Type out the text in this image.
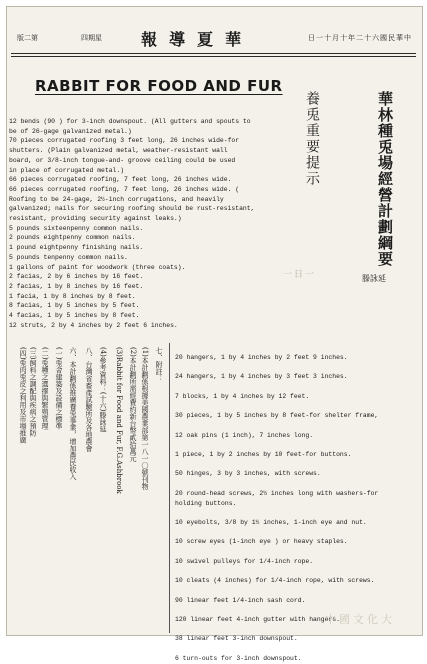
版二第	四期星 報導夏華	日一十月十年二十六國民華中
RABBIT FOR FOOD AND FUR
華林種兎場經營計劃綱要
養兎重要提示
一日一	滕詠延
12 bends (90 ) for 3-inch downspout. (All gutters and spouts to
be of 26-gage galvanized metal.)
70 pieces corrugated roofing 3 feet long, 26 inches wide-for
shutters. (Plain galvanized metal, weather-resistant wall
board, or 3/8-inch tongue-and- groove ceiling could be used
in place of corrugated metal.)
66 pieces corrugated roofing, 7 feet long, 26 inches wide.
66 pieces corrugated roofing, 7 feet long, 26 inches wide. (
Roofing to be 24-gage, 2½-inch corrugations, and heavily
galvanized; nails for securing roofing should be rust-resistant,
resistant, providing security against leaks.)
5 pounds sixteenpenny common nails.
2 pounds eightpenny common nails.
1 pound eightpenny finishing nails.
5 pounds tenpenny common nails.
1 gallons of paint for woodwork (three coats).
2 facias, 2 by 6 inches by 16 feet.
2 facias, 1 by 8 inches by 16 feet.
1 facia, 1 by 8 inches by 8 feet.
8 facias, 1 by 5 inches by 5 feet.
4 facias, 1 by 5 inches by 8 feet.
12 struts, 2 by 4 inches by 2 feet 6 inches.
七、附註：
(1)本計劃係根據美國農業部第一八一〇號刊物
(2)本計劃所需經費約新台幣貳拾萬元
(3)Rabbit for Food and Fur, F.G.Ashbrook
(4)參考資料：(十六)滕詠延
八、台灣省畜產試驗所及各地農會
六、本計劃係推廣養兎事業，增加農民收入
(一)兎舍建築及設備之標準
(二)兎種之選擇與繁殖管理
(三)飼料之調配與疾病之預防
(四)兎肉兎皮之利用及市場推廣	20 hangers, 1 by 4 inches by 2 feet 9 inches.

24 hangers, 1 by 4 inches by 3 feet 3 inches.

7 blocks, 1 by 4 inches by 12 feet.

30 pieces, 1 by 5 inches by 8 feet-for shelter frame,

12 oak pins (1 inch), 7 inches long.

1 piece, 1 by 2 inches by 10 feet-for buttons.

50 hinges, 3 by 3 inches, with screws.

20 round-head screws, 2½ inches long with washers-for
holding buttons.

10 eyebolts, 3/8 by 1½ inches, 1-inch eye and nut.

10 screw eyes (1-inch eye ) or heavy staples.

10 swivel pulleys for 1/4-inch rope.

10 cleats (4 inches) for 1/4-inch rope, with screws.

90 linear feet 1/4-inch sash cord.

120 linear feet 4-inch gutter with hangers.

38 linear feet 3-inch downspout.

6 turn-outs for 3-inch downspout.
中國文化大
